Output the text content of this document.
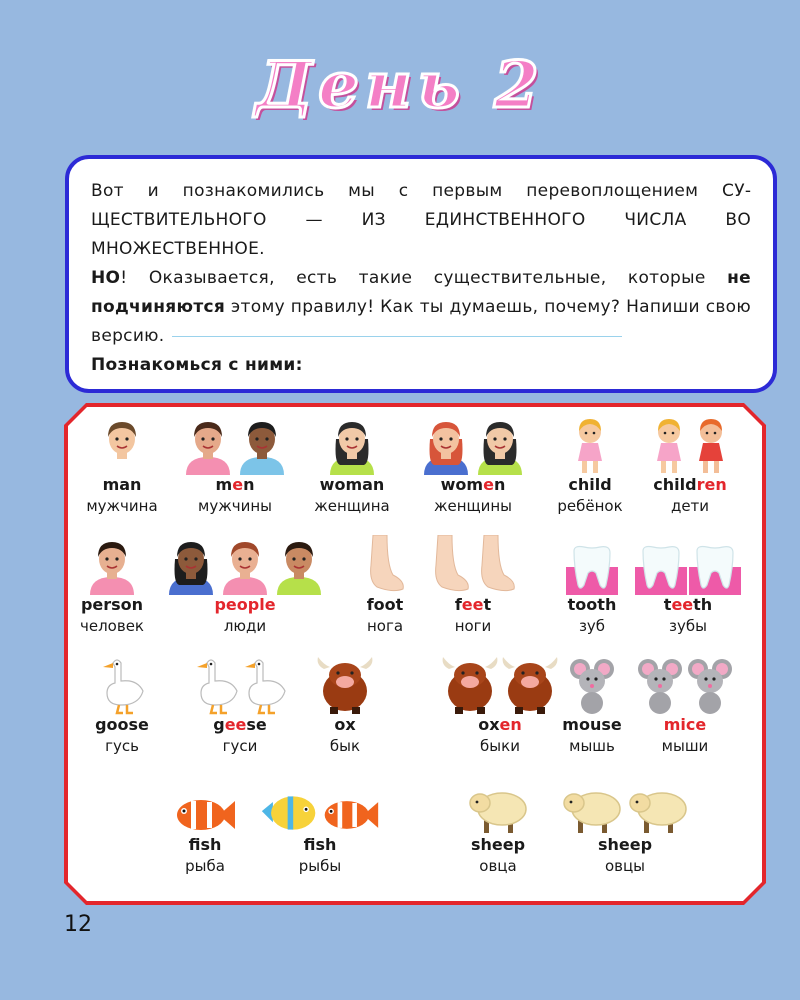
День 2

Вот и познакомились мы с первым перевоплощением СУЩЕСТВИТЕЛЬНОГО — ИЗ ЕДИНСТВЕННОГО ЧИСЛА ВО МНОЖЕСТВЕННОЕ.

НО! Оказывается, есть такие существительные, которые не подчиняются этому правилу! Как ты думаешь, почему? Напиши свою версию.

Познакомься с ними:

man
мужчина
men
мужчины
woman
женщина
women
женщины
child
ребёнок
children
дети
person
человек
people
люди
foot
нога
feet
ноги
tooth
зуб
teeth
зубы
goose
гусь
geese
гуси
ox
бык
oxen
быки
mouse
мышь
mice
мыши
fish
рыба
fish
рыбы
sheep
овца
sheep
овцы
12
